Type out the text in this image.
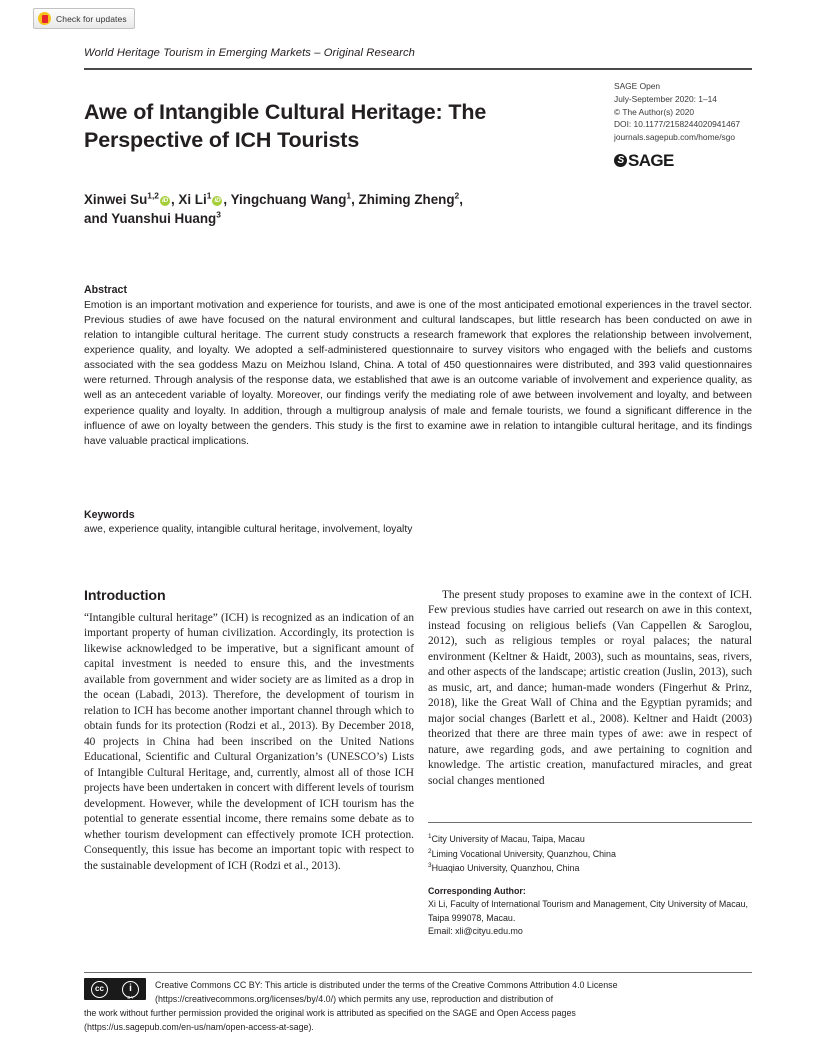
Check for updates
World Heritage Tourism in Emerging Markets – Original Research
Awe of Intangible Cultural Heritage: The Perspective of ICH Tourists
SAGE Open
July-September 2020: 1–14
© The Author(s) 2020
DOI: 10.1177/2158244020941467
journals.sagepub.com/home/sgo
S SAGE
Xinwei Su$^{1,2}$ iD , Xi Li$^1$ iD , Yingchuang Wang$^1$, Zhiming Zheng$^2$,
and Yuanshui Huang$^3$
Abstract

Emotion is an important motivation and experience for tourists, and awe is one of the most anticipated emotional experiences in the travel sector. Previous studies of awe have focused on the natural environment and cultural landscapes, but little research has been conducted on awe in relation to intangible cultural heritage. The current study constructs a research framework that explores the relationship between involvement, experience quality, and loyalty. We adopted a self-administered questionnaire to survey visitors who engaged with the beliefs and customs associated with the sea goddess Mazu on Meizhou Island, China. A total of 450 questionnaires were distributed, and 393 valid questionnaires were returned. Through analysis of the response data, we established that awe is an outcome variable of involvement and experience quality, as well as an antecedent variable of loyalty. Moreover, our findings verify the mediating role of awe between involvement and loyalty, and between experience quality and loyalty. In addition, through a multigroup analysis of male and female tourists, we found a significant difference in the influence of awe on loyalty between the genders. This study is the first to examine awe in relation to intangible cultural heritage, and its findings have valuable practical implications.

Keywords

awe, experience quality, intangible cultural heritage, involvement, loyalty

Introduction

“Intangible cultural heritage” (ICH) is recognized as an indication of an important property of human civilization. Accordingly, its protection is likewise acknowledged to be imperative, but a significant amount of capital investment is needed to ensure this, and the investments available from government and wider society are as limited as a drop in the ocean (Labadi, 2013). Therefore, the development of tourism in relation to ICH has become another important channel through which to obtain funds for its protection (Rodzi et al., 2013). By December 2018, 40 projects in China had been inscribed on the United Nations Educational, Scientific and Cultural Organization’s (UNESCO’s) Lists of Intangible Cultural Heritage, and, currently, almost all of those ICH projects have been undertaken in concert with different levels of tourism development. However, while the development of ICH tourism has the potential to generate essential income, there remains some debate as to whether tourism development can effectively promote ICH protection. Consequently, this issue has become an important topic with respect to the sustainable development of ICH (Rodzi et al., 2013).

The present study proposes to examine awe in the context of ICH. Few previous studies have carried out research on awe in this context, instead focusing on religious beliefs (Van Cappellen & Saroglou, 2012), such as religious temples or royal palaces; the natural environment (Keltner & Haidt, 2003), such as mountains, seas, rivers, and other aspects of the landscape; artistic creation (Juslin, 2013), such as music, art, and dance; human-made wonders (Fingerhut & Prinz, 2018), like the Great Wall of China and the Egyptian pyramids; and major social changes (Barlett et al., 2008). Keltner and Haidt (2003) theorized that there are three main types of awe: awe in respect of nature, awe regarding gods, and awe pertaining to cognition and knowledge. The artistic creation, manufactured miracles, and great social changes mentioned

$^1$City University of Macau, Taipa, Macau
$^2$Liming Vocational University, Quanzhou, China
$^3$Huaqiao University, Quanzhou, China
Corresponding Author:
Xi Li, Faculty of International Tourism and Management, City University of Macau, Taipa 999078, Macau.
Email: xli@cityu.edu.mo
cc	i
BY
Creative Commons CC BY: This article is distributed under the terms of the Creative Commons Attribution 4.0 License
(https://creativecommons.org/licenses/by/4.0/) which permits any use, reproduction and distribution of
the work without further permission provided the original work is attributed as specified on the SAGE and Open Access pages
(https://us.sagepub.com/en-us/nam/open-access-at-sage).
